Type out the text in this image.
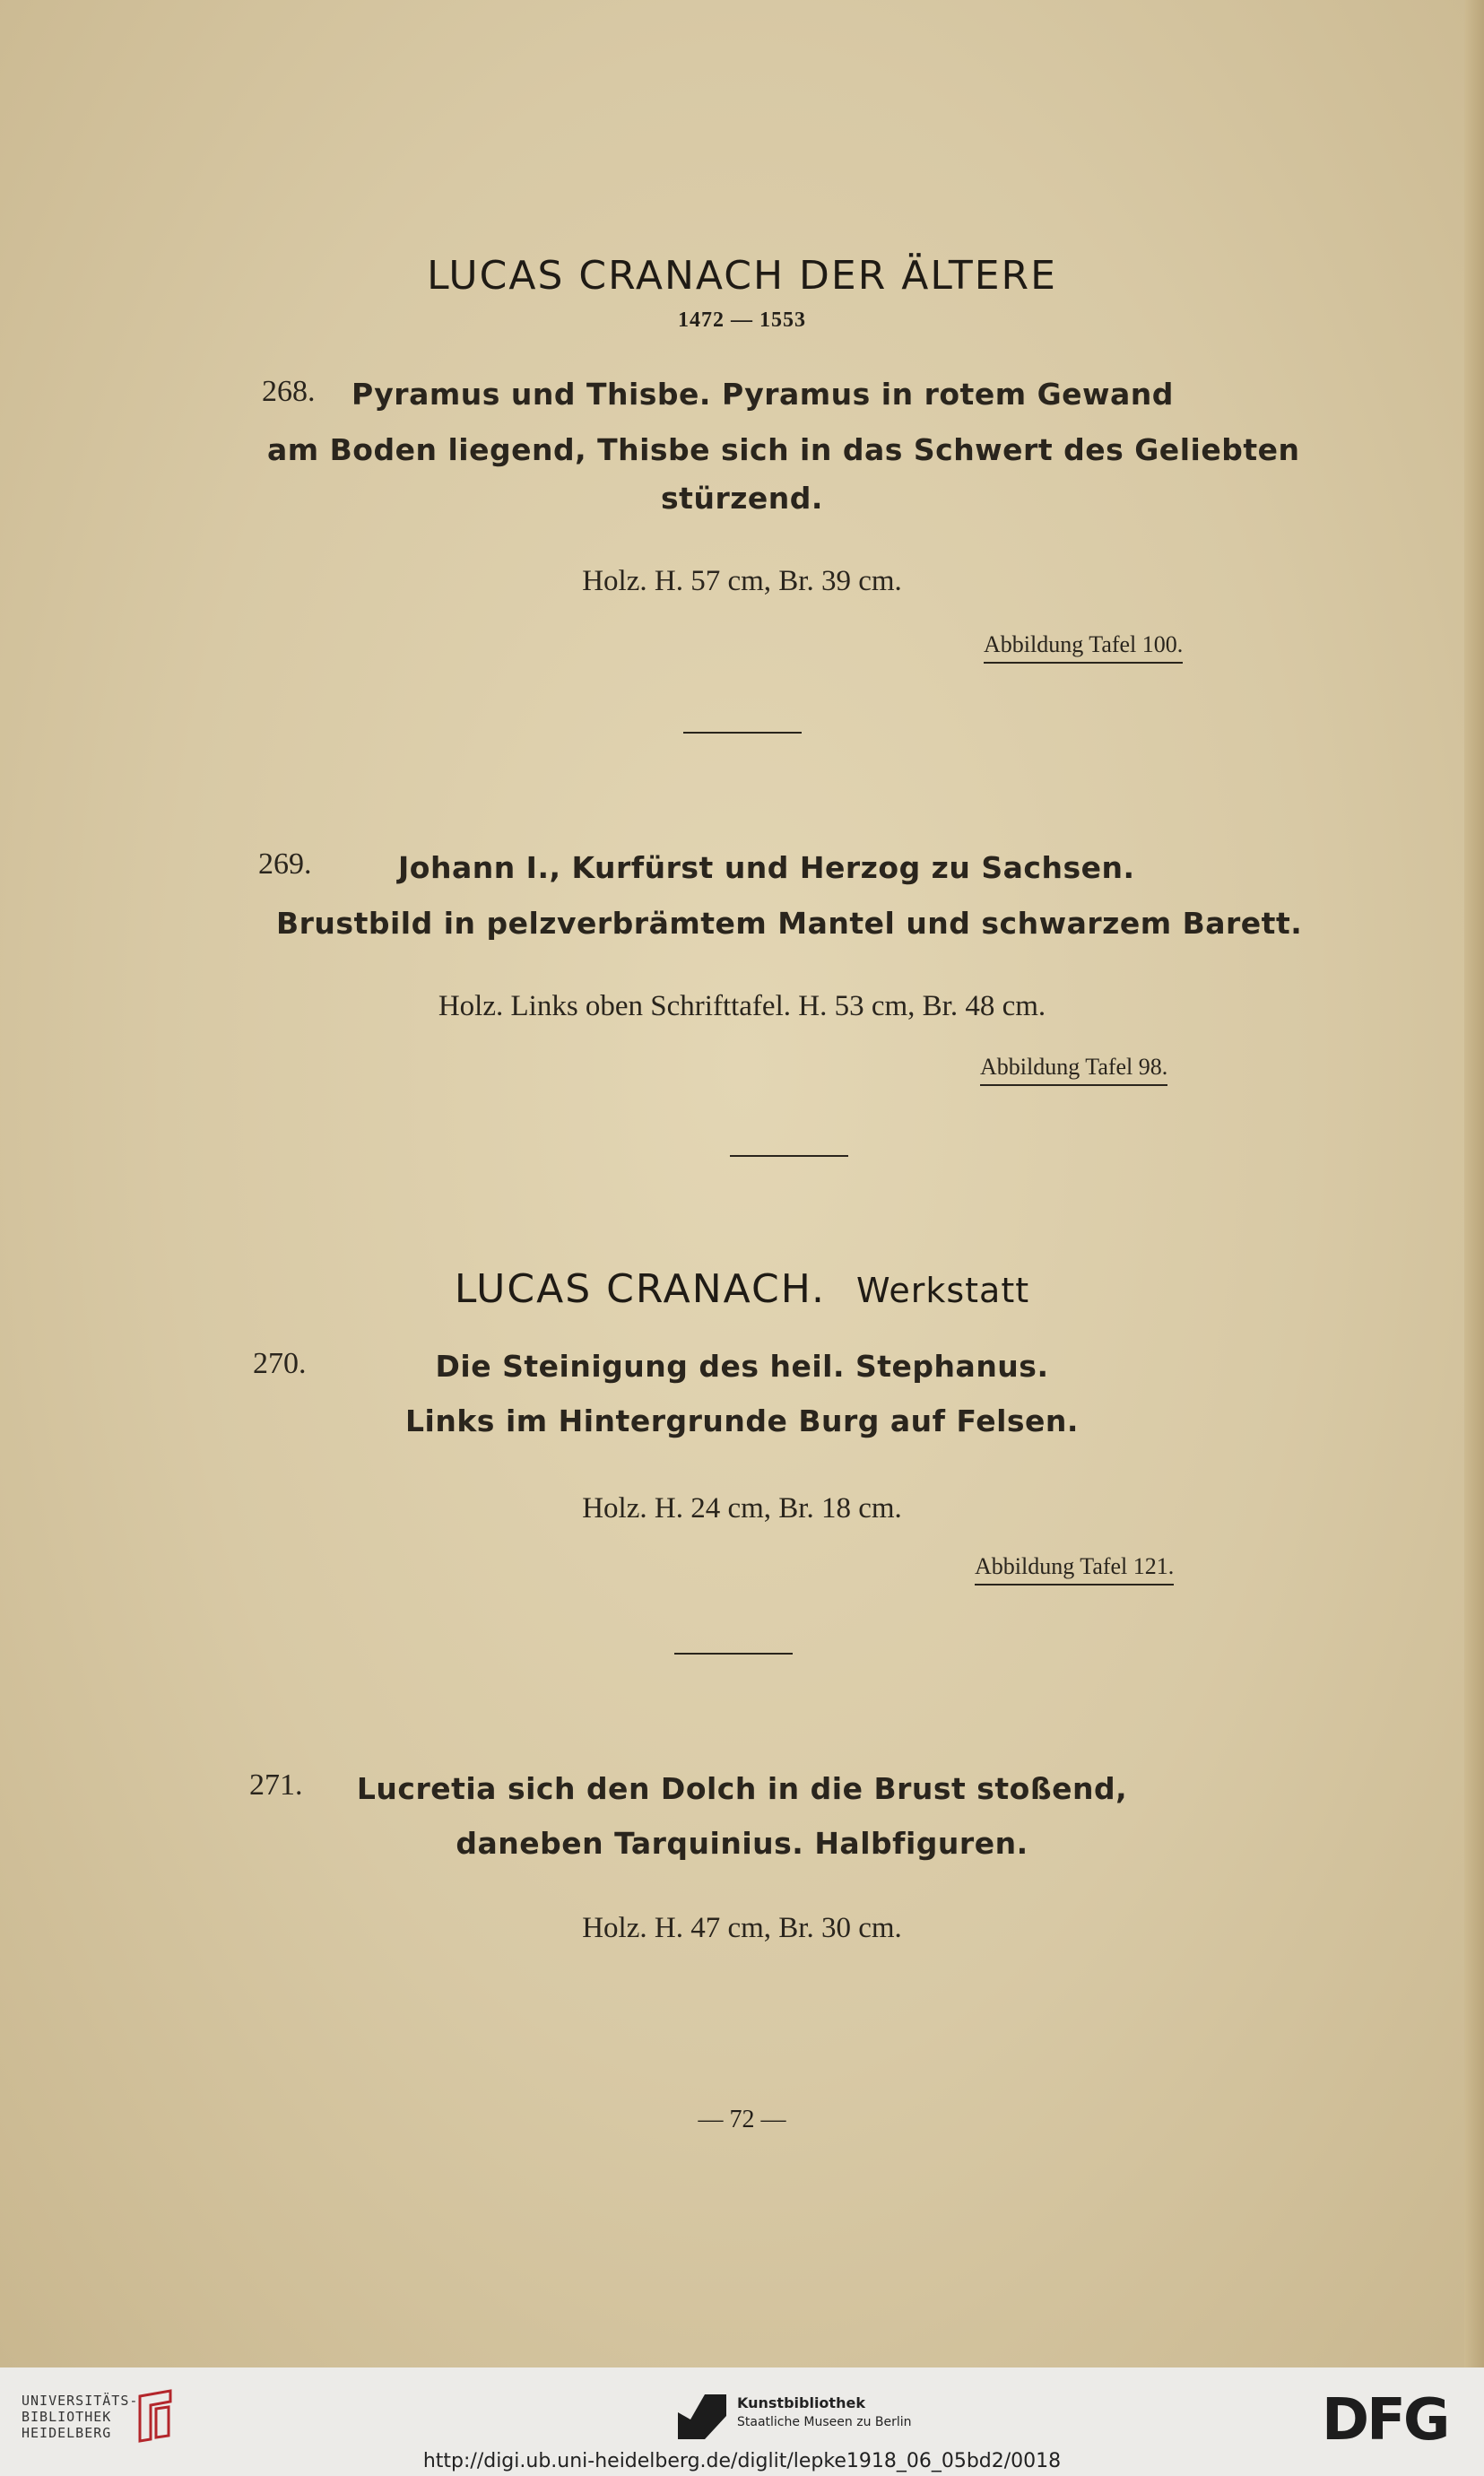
LUCAS CRANACH DER ÄLTERE
1472 — 1553
268. Pyramus und Thisbe. Pyramus in rotem Gewand
am Boden liegend, Thisbe sich in das Schwert des Geliebten
stürzend.
Holz. H. 57 cm, Br. 39 cm.
Abbildung Tafel 100.
269.	Johann I., Kurfürst und Herzog zu Sachsen.
Brustbild in pelzverbrämtem Mantel und schwarzem Barett.
Holz. Links oben Schrifttafel. H. 53 cm, Br. 48 cm.
Abbildung Tafel 98.
LUCAS CRANACH. Werkstatt
270.	Die Steinigung des heil. Stephanus.
Links im Hintergrunde Burg auf Felsen.
Holz. H. 24 cm, Br. 18 cm.
Abbildung Tafel 121.
271.	Lucretia sich den Dolch in die Brust stoßend,
daneben Tarquinius. Halbfiguren.
Holz. H. 47 cm, Br. 30 cm.
— 72 —
UNIVERSITÄTS-
BIBLIOTHEK
HEIDELBERG
Kunstbibliothek
Staatliche Museen zu Berlin	DFG
http://digi.ub.uni-heidelberg.de/diglit/lepke1918_06_05bd2/0018
